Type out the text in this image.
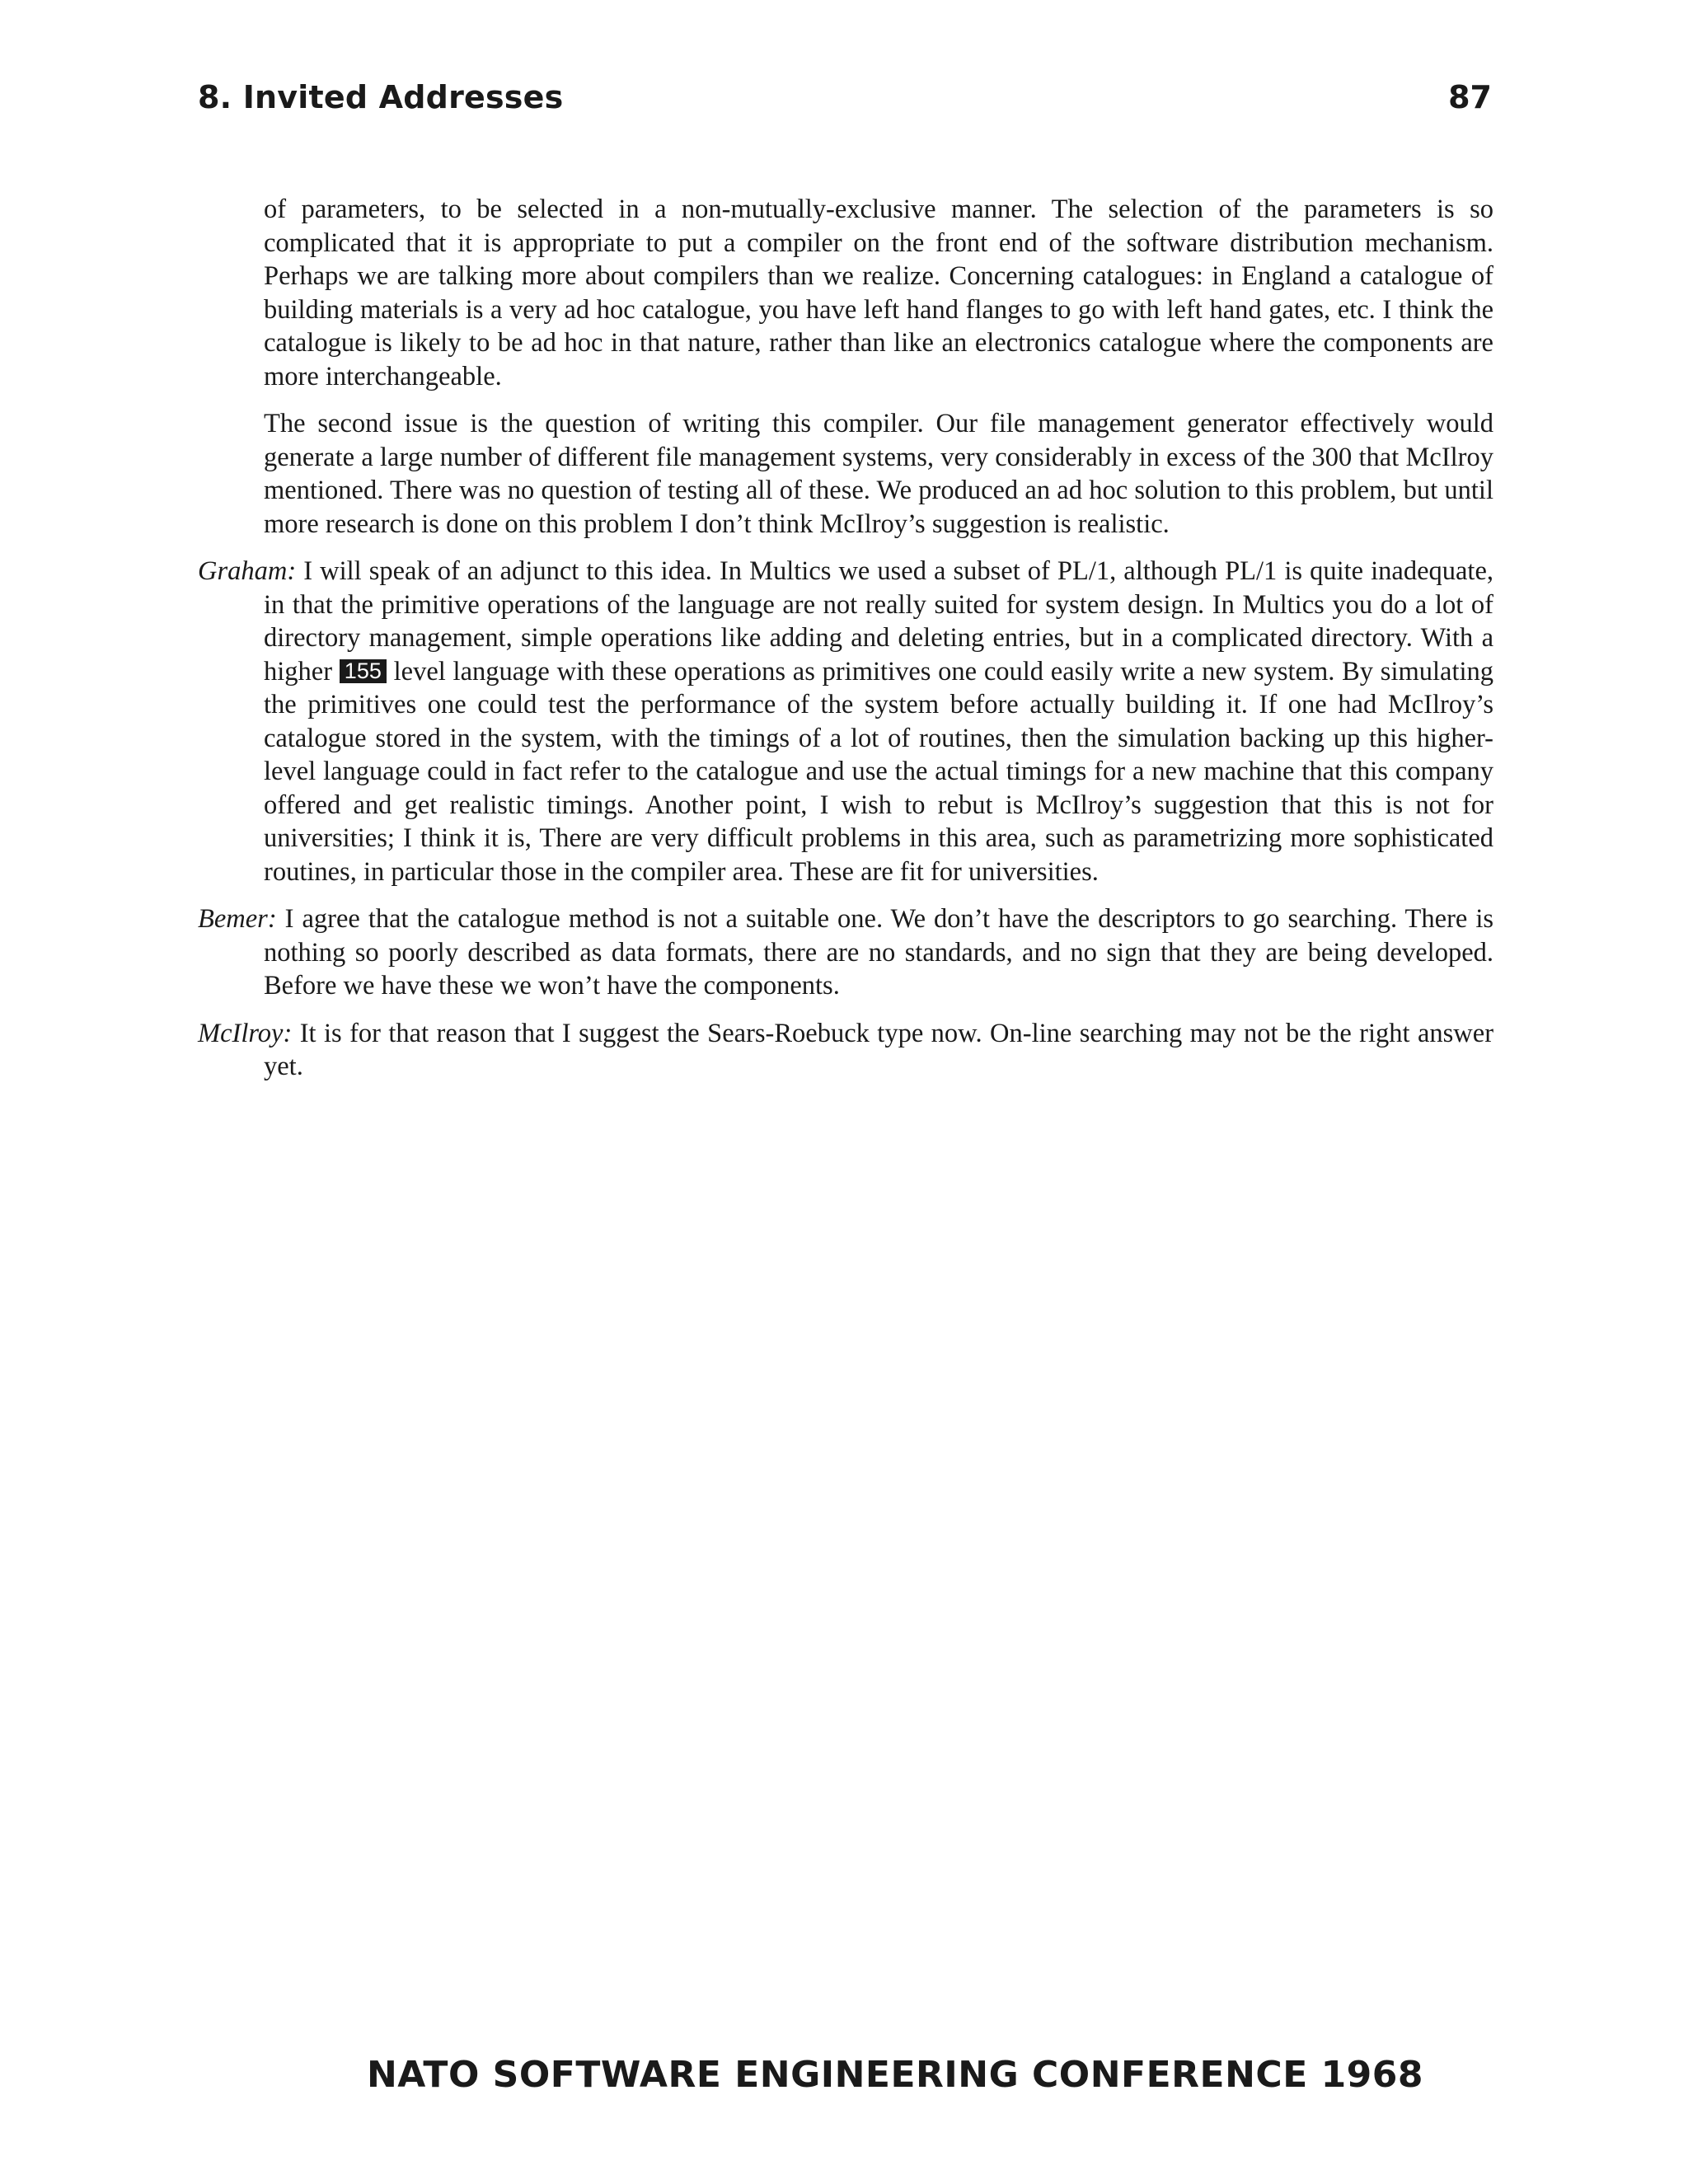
8. Invited Addresses	87

of parameters, to be selected in a non-mutually-exclusive manner. The selection of the parameters is so complicated that it is appropriate to put a compiler on the front end of the software distribution mechanism. Perhaps we are talking more about compilers than we realize. Concerning catalogues: in England a catalogue of building materials is a very ad hoc catalogue, you have left hand flanges to go with left hand gates, etc. I think the catalogue is likely to be ad hoc in that nature, rather than like an electronics catalogue where the components are more interchangeable.

The second issue is the question of writing this compiler. Our file management generator effectively would generate a large number of different file management systems, very considerably in excess of the 300 that McIlroy mentioned. There was no question of testing all of these. We produced an ad hoc solution to this problem, but until more research is done on this problem I don’t think McIlroy’s suggestion is realistic.

Graham: I will speak of an adjunct to this idea. In Multics we used a subset of PL/1, although PL/1 is quite inadequate, in that the primitive operations of the language are not really suited for system design. In Multics you do a lot of directory management, simple operations like adding and deleting entries, but in a complicated directory. With a higher 155 level language with these operations as primitives one could easily write a new system. By simulating the primitives one could test the performance of the system before actually building it. If one had McIlroy’s catalogue stored in the system, with the timings of a lot of routines, then the simulation backing up this higher-level language could in fact refer to the catalogue and use the actual timings for a new machine that this company offered and get realistic timings. Another point, I wish to rebut is McIlroy’s suggestion that this is not for universities; I think it is, There are very difficult problems in this area, such as parametrizing more sophisticated routines, in particular those in the compiler area. These are fit for universities.

Bemer: I agree that the catalogue method is not a suitable one. We don’t have the descriptors to go searching. There is nothing so poorly described as data formats, there are no standards, and no sign that they are being developed. Before we have these we won’t have the components.

McIlroy: It is for that reason that I suggest the Sears-Roebuck type now. On-line searching may not be the right answer yet.

NATO SOFTWARE ENGINEERING CONFERENCE 1968
